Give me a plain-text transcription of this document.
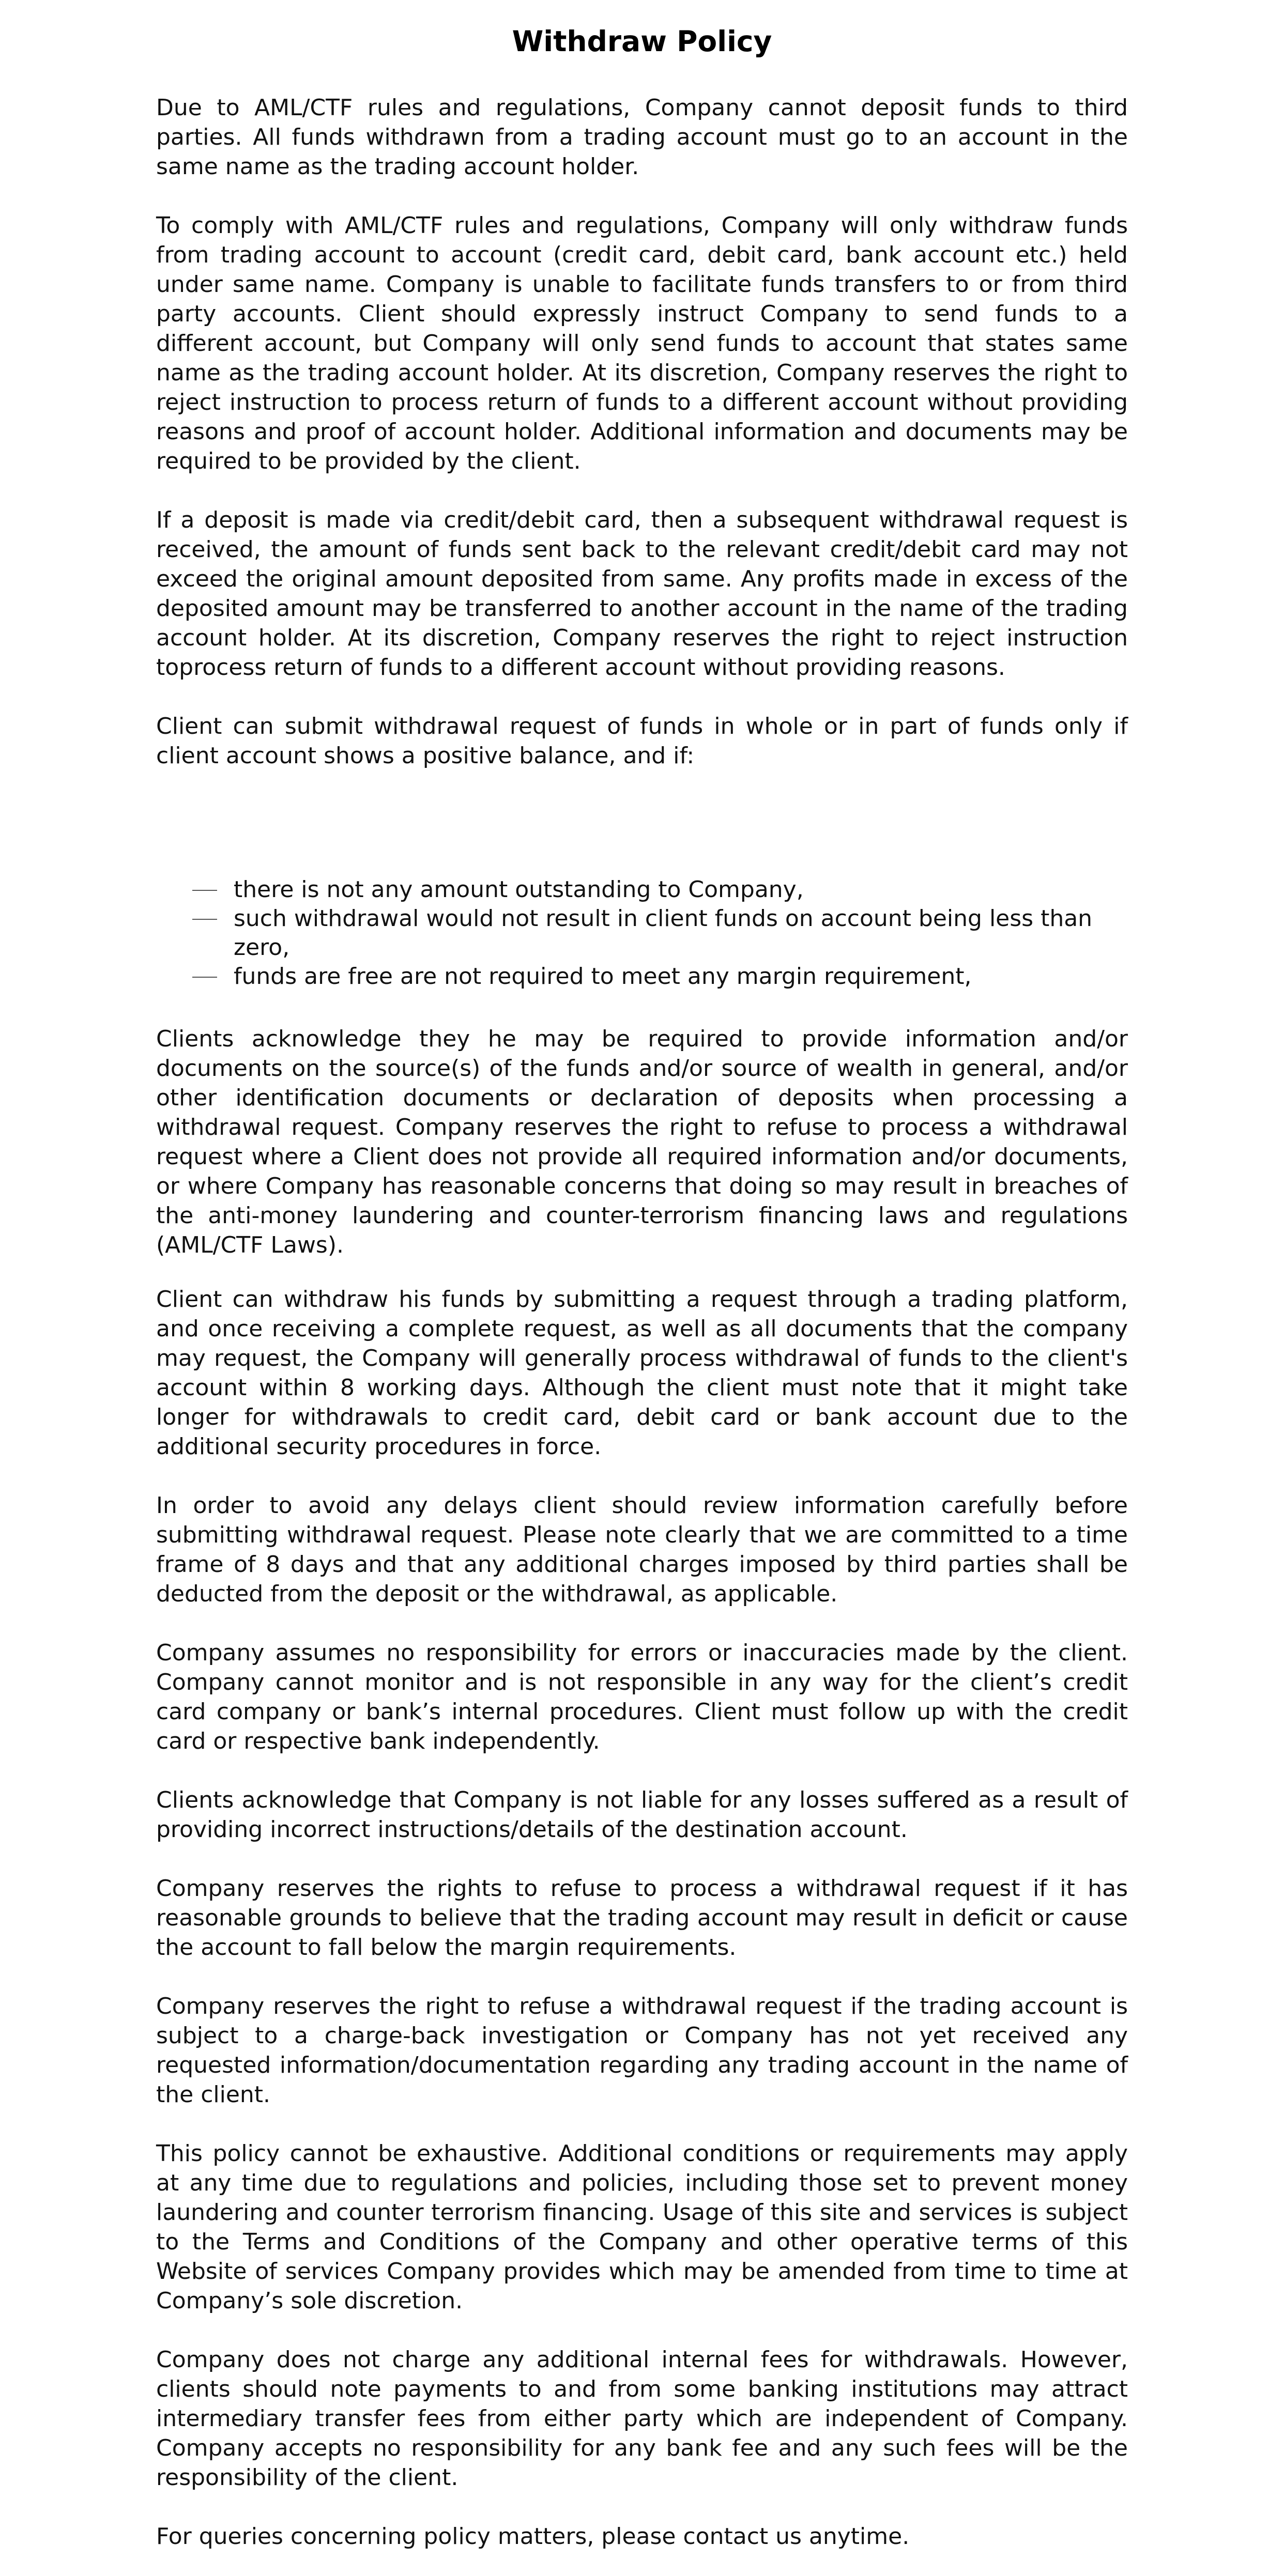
Withdraw Policy

Due to AML/CTF rules and regulations, Company cannot deposit funds to third parties. All funds withdrawn from a trading account must go to an account in the same name as the trading account holder.

To comply with AML/CTF rules and regulations, Company will only withdraw funds from trading account to account (credit card, debit card, bank account etc.) held under same name. Company is unable to facilitate funds transfers to or from third party accounts. Client should expressly instruct Company to send funds to a different account, but Company will only send funds to account that states same name as the trading account holder. At its discretion, Company reserves the right to reject instruction to process return of funds to a different account without providing reasons and proof of account holder. Additional information and documents may be required to be provided by the client.

If a deposit is made via credit/debit card, then a subsequent withdrawal request is received, the amount of funds sent back to the relevant credit/debit card may not exceed the original amount deposited from same. Any profits made in excess of the deposited amount may be transferred to another account in the name of the trading account holder. At its discretion, Company reserves the right to reject instruction toprocess return of funds to a different account without providing reasons.

Client can submit withdrawal request of funds in whole or in part of funds only if client account shows a positive balance, and if:

there is not any amount outstanding to Company,
such withdrawal would not result in client funds on account being less than zero,
funds are free are not required to meet any margin requirement,

Clients acknowledge they he may be required to provide information and/or documents on the source(s) of the funds and/or source of wealth in general, and/or other identification documents or declaration of deposits when processing a withdrawal request. Company reserves the right to refuse to process a withdrawal request where a Client does not provide all required information and/or documents, or where Company has reasonable concerns that doing so may result in breaches of the anti-money laundering and counter-terrorism financing laws and regulations (AML/CTF Laws).

Client can withdraw his funds by submitting a request through a trading platform, and once receiving a complete request, as well as all documents that the company may request, the Company will generally process withdrawal of funds to the client's account within 8 working days. Although the client must note that it might take longer for withdrawals to credit card, debit card or bank account due to the additional security procedures in force.

In order to avoid any delays client should review information carefully before submitting withdrawal request. Please note clearly that we are committed to a time frame of 8 days and that any additional charges imposed by third parties shall be deducted from the deposit or the withdrawal, as applicable.

Company assumes no responsibility for errors or inaccuracies made by the client. Company cannot monitor and is not responsible in any way for the client’s credit card company or bank’s internal procedures. Client must follow up with the credit card or respective bank independently.

Clients acknowledge that Company is not liable for any losses suffered as a result of providing incorrect instructions/details of the destination account.

Company reserves the rights to refuse to process a withdrawal request if it has reasonable grounds to believe that the trading account may result in deficit or cause the account to fall below the margin requirements.

Company reserves the right to refuse a withdrawal request if the trading account is subject to a charge-back investigation or Company has not yet received any requested information/documentation regarding any trading account in the name of the client.

This policy cannot be exhaustive. Additional conditions or requirements may apply at any time due to regulations and policies, including those set to prevent money laundering and counter terrorism financing. Usage of this site and services is subject to the Terms and Conditions of the Company and other operative terms of this Website of services Company provides which may be amended from time to time at Company’s sole discretion.

Company does not charge any additional internal fees for withdrawals. However, clients should note payments to and from some banking institutions may attract intermediary transfer fees from either party which are independent of Company. Company accepts no responsibility for any bank fee and any such fees will be the responsibility of the client.

For queries concerning policy matters, please contact us anytime.
